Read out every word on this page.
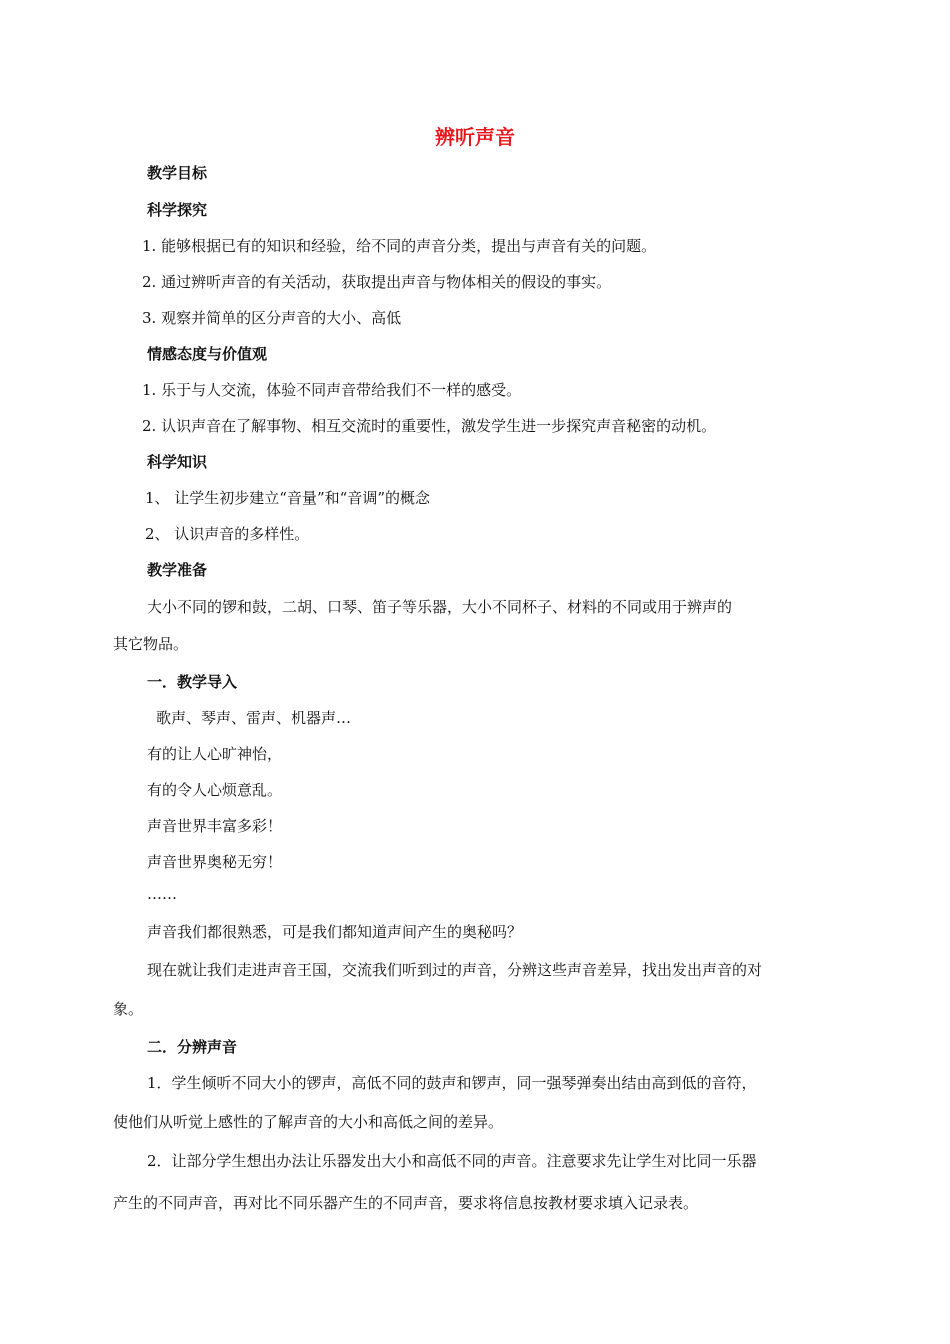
辨听声音
教学目标
科学探究
1. 能够根据已有的知识和经验，给不同的声音分类，提出与声音有关的问题。
2. 通过辨听声音的有关活动，获取提出声音与物体相关的假设的事实。
3. 观察并简单的区分声音的大小、高低
情感态度与价值观
1. 乐于与人交流，体验不同声音带给我们不一样的感受。
2. 认识声音在了解事物、相互交流时的重要性，激发学生进一步探究声音秘密的动机。
科学知识
1、 让学生初步建立“音量”和“音调”的概念
2、 认识声音的多样性。
教学准备
大小不同的锣和鼓，二胡、口琴、笛子等乐器，大小不同杯子、材料的不同或用于辨声的
其它物品。
一．教学导入
歌声、琴声、雷声、机器声…
有的让人心旷神怡，
有的令人心烦意乱。
声音世界丰富多彩！
声音世界奥秘无穷！
……
声音我们都很熟悉，可是我们都知道声间产生的奥秘吗？
现在就让我们走进声音王国，交流我们听到过的声音，分辨这些声音差异，找出发出声音的对
象。
二．分辨声音
1．学生倾听不同大小的锣声，高低不同的鼓声和锣声，同一强琴弹奏出结由高到低的音符，
使他们从听觉上感性的了解声音的大小和高低之间的差异。
2．让部分学生想出办法让乐器发出大小和高低不同的声音。注意要求先让学生对比同一乐器
产生的不同声音，再对比不同乐器产生的不同声音，要求将信息按教材要求填入记录表。
